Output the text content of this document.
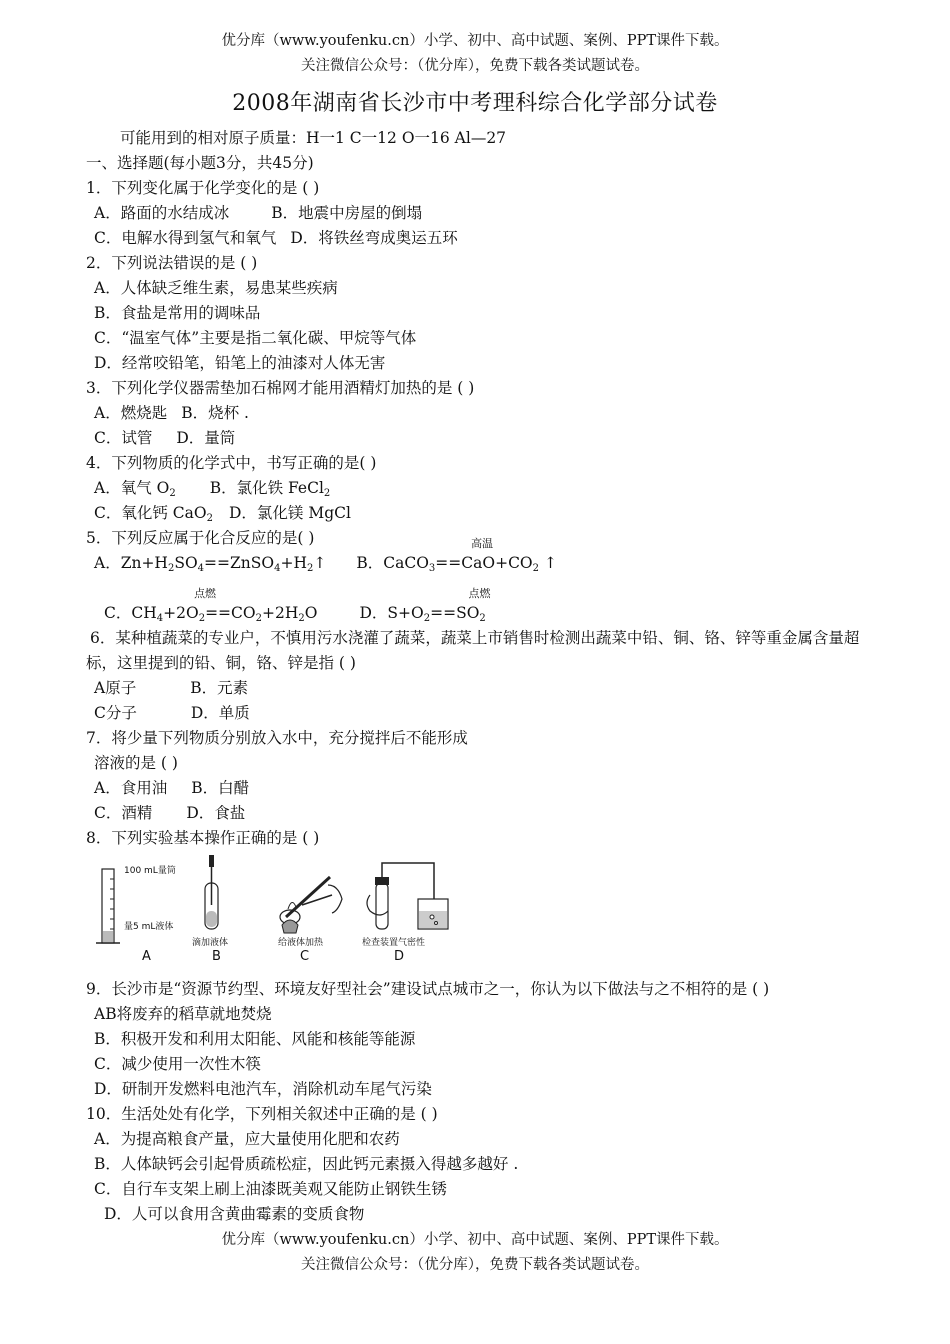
优分库（www.youfenku.cn）小学、初中、高中试题、案例、PPT课件下载。
关注微信公众号：（优分库），免费下载各类试题试卷。
2008年湖南省长沙市中考理科综合化学部分试卷
可能用到的相对原子质量：H一1 C一12 O一16 Al—27
一、选择题(每小题3分，共45分)
1．下列变化属于化学变化的是 ( )
A．路面的水结成冰	B．地震中房屋的倒塌
C．电解水得到氢气和氧气 D．将铁丝弯成奥运五环
2．下列说法错误的是 ( )
A．人体缺乏维生素，易患某些疾病
B．食盐是常用的调味品
C．“温室气体”主要是指二氧化碳、甲烷等气体
D．经常咬铅笔，铅笔上的油漆对人体无害
3．下列化学仪器需垫加石棉网才能用酒精灯加热的是 ( )
A．燃烧匙 B．烧杯 .
C．试管 D．量筒
4．下列物质的化学式中，书写正确的是( )
A．氧气 $O_2$ B．氯化铁 FeCl$_2$
C．氧化钙 CaO$_2$ D．氯化镁 MgCl
5．下列反应属于化合反应的是( )
A．$Zn+H_2SO_4==ZnSO_4+H_2↑$ B．CaCO$_3$==
高温
$CaO+CO_2$ ↑
C．$CH_4+2O_2==$
点燃
$CO_2+2H_2O$	D．$S+O_2==$
点燃
$SO_2$
6．某种植蔬菜的专业户，不慎用污水浇灌了蔬菜，蔬菜上市销售时检测出蔬菜中铅、铜、铬、锌等重金属含量超标，这里提到的铅、铜，铬、锌是指 ( )
A原子	B．元素
C分子	D．单质
7．将少量下列物质分别放入水中，充分搅拌后不能形成
溶液的是 ( )
A．食用油 B．白醋
C．酒精 D．食盐
8．下列实验基本操作正确的是 ( )
100 mL量筒
量5 mL液体
A
滴加液体
B
给液体加热
C
检查装置气密性
D
9．长沙市是“资源节约型、环境友好型社会”建设试点城市之一，你认为以下做法与之不相符的是 ( )
AB将废弃的稻草就地焚烧
B．积极开发和利用太阳能、风能和核能等能源
C．减少使用一次性木筷
D．研制开发燃料电池汽车，消除机动车尾气污染
10．生活处处有化学，下列相关叙述中正确的是 ( )
A．为提高粮食产量，应大量使用化肥和农药
B．人体缺钙会引起骨质疏松症，因此钙元素摄入得越多越好 .
C．自行车支架上刷上油漆既美观又能防止钢铁生锈
D．人可以食用含黄曲霉素的变质食物
优分库（www.youfenku.cn）小学、初中、高中试题、案例、PPT课件下载。
关注微信公众号：（优分库），免费下载各类试题试卷。
